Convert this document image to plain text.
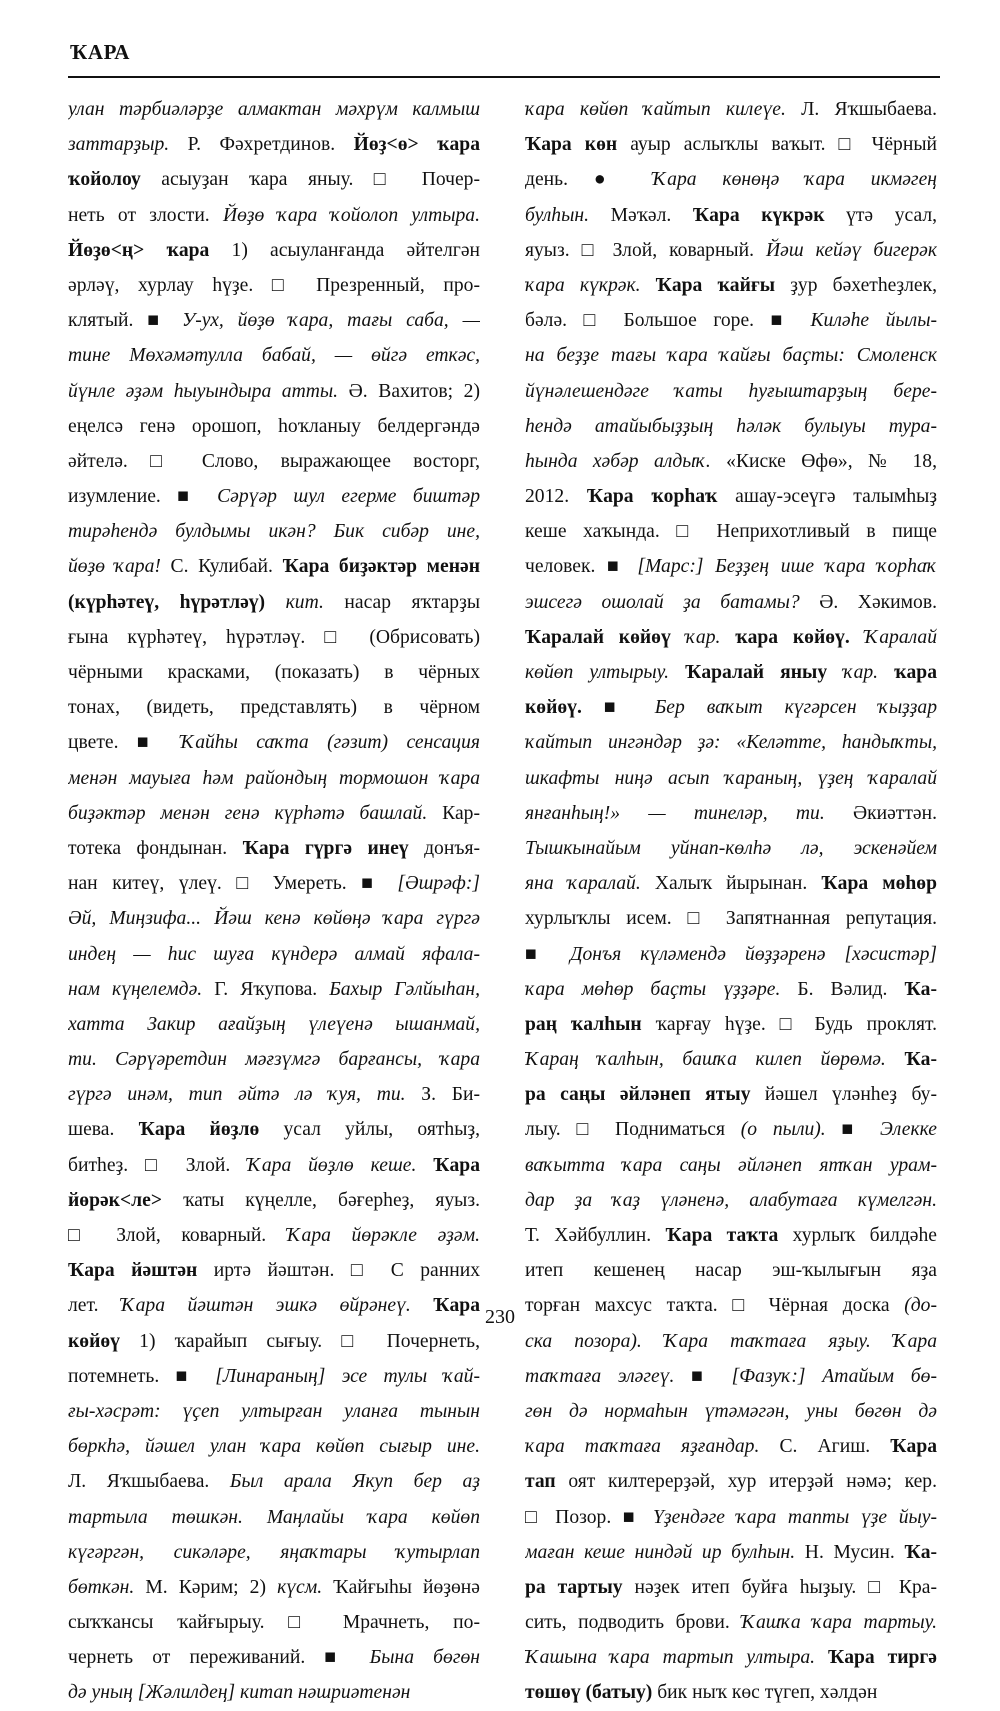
ҠАРА
улан тәрбиәләрҙе алмактан мәхрүм калмыш
заттарҙыр. Р. Фәхретдинов. Йөҙ<ө> ҡара
ҡойолоу асыуҙан ҡара яныу. □ Почер-
неть от злости. Йөҙө ҡара ҡойолоп ултыра.
Йөҙө<ң> ҡара 1) асыуланғанда әйтелгән
әрләү, хурлау һүҙе. □ Презренный, про-
клятый. ■ У-ух, йөҙө ҡара, тағы саба, —
тине Мөхәмәтулла бабай, — өйгә еткәс,
йүнле әҙәм һыуындыра атты. Ә. Вахитов; 2)
еңелсә генә орошоп, һоҡланыу белдергәндә
әйтелә. □ Слово, выражающее восторг,
изумление. ■ Сәрүәр шул егерме биштәр
тирәһендә булдымы икән? Бик сибәр ине,
йөҙө ҡара! С. Кулибай. Ҡара биҙәктәр менән
(күрһәтеү, һүрәтләү) кит. насар яҡтарҙы
ғына күрһәтеү, һүрәтләү. □ (Обрисовать)
чёрными красками, (показать) в чёрных
тонах, (видеть, представлять) в чёрном
цвете. ■ Ҡайһы саҡта (гәзит) сенсация
менән мауыға һәм райондың тормошон ҡара
биҙәктәр менән генә күрһәтә башлай. Кар-
тотека фондынан. Ҡара гүргә инеү донъя-
нан китеү, үлеү. □ Умереть. ■ [Әшрәф:]
Әй, Миңзифа... Йәш кенә көйөңә ҡара гүргә
индең — һис шуға күндерә алмай яфала-
нам күңелемдә. Г. Яҡупова. Бахыр Гәлйыһан,
хатта Закир ағайҙың үлеүенә ышанмай,
ти. Сәрүәретдин мәғзүмгә барғансы, ҡара
гүргә инәм, тип әйтә лә ҡуя, ти. З. Би-
шева. Ҡара йөҙлө усал уйлы, оятһыҙ,
битһеҙ. □ Злой. Ҡара йөҙлө кеше. Ҡара
йөрәк<ле> ҡаты күңелле, бәғерһеҙ, яуыз.
□ Злой, коварный. Ҡара йөрәкле әҙәм.
Ҡара йәштән иртә йәштән. □ С ранних
лет. Ҡара йәштән эшкә өйрәнеү. Ҡара
көйөү 1) ҡарайып сығыу. □ Почернеть,
потемнеть. ■ [Линараның] эсе тулы ҡай-
ғы-хәсрәт: үҫеп ултырған уланға тынын
бөркһә, йәшел улан ҡара көйөп сығыр ине.
Л. Яҡшыбаева. Был арала Якуп бер аҙ
тартыла төшкән. Маңлайы ҡара көйөп
күгәргән, сикәләре, яңаҡтары ҡутырлап
бөткән. М. Кәрим; 2) күсм. Ҡайғыһы йөҙөнә
сыҡҡансы ҡайғырыу. □ Мрачнеть, по-
чернеть от переживаний. ■ Бына бөгөн
дә уның [Жәлилдең] китап нәшриәтенән
ҡара көйөп ҡайтып килеүе. Л. Яҡшыбаева.
Ҡара көн ауыр аслыҡлы ваҡыт. □ Чёрный
день. ● Ҡара көнөңә ҡара икмәгең
булһын. Мәҡәл. Ҡара күкрәк үтә усал,
яуыз. □ Злой, коварный. Йәш кейәү бигерәк
ҡара күкрәк. Ҡара ҡайғы ҙур бәхетһеҙлек,
бәлә. □ Большое горе. ■ Киләһе йылы-
на беҙҙе тағы ҡара ҡайғы баҫты: Смоленск
йүнәлешендәге ҡаты һуғыштарҙың бере-
һендә атайыбыҙҙың һәләк булыуы тура-
һында хәбәр алдыҡ. «Киске Өфө», № 18,
2012. Ҡара ҡорһаҡ ашау-эсеүгә талымһыҙ
кеше хаҡында. □ Неприхотливый в пище
человек. ■ [Марс:] Беҙҙең ише ҡара ҡорһаҡ
эшсегә ошолай ҙа батамы? Ә. Хәкимов.
Ҡаралай көйөү ҡар. ҡара көйөү. Ҡаралай
көйөп ултырыу. Ҡаралай яныу ҡар. ҡара
көйөү. ■ Бер ваҡыт күгәрсен ҡыҙҙар
ҡайтып ингәндәр ҙә: «Келәтте, һандыҡты,
шкафты ниңә асып ҡараның, үҙең ҡаралай
янғанһың!» — тинеләр, ти. Әкиәттән.
Тышкынайым уйнап-көлһә лә, эскенәйем
яна ҡаралай. Халыҡ йырынан. Ҡара мөһөр
хурлыҡлы исем. □ Запятнанная репутация.
■ Донъя күләмендә йөҙҙәренә [хәсистәр]
ҡара мөһөр баҫты үҙҙәре. Б. Вәлид. Ҡа-
раң ҡалһын ҡарғау һүҙе. □ Будь проклят.
Ҡараң ҡалһын, башҡа килеп йөрөмә. Ҡа-
ра саңы әйләнеп ятыу йәшел үләнһеҙ бу-
лыу. □ Подниматься (о пыли). ■ Элекке
ваҡытта ҡара саңы әйләнеп ятҡан урам-
дар ҙа ҡаҙ үләненә, алабутаға күмелгән.
Т. Хәйбуллин. Ҡара таҡта хурлыҡ билдәһе
итеп кешенең насар эш-ҡылығын яҙа
торған махсус таҡта. □ Чёрная доска (до-
ска позора). Ҡара таҡтаға яҙыу. Ҡара
таҡтаға эләгеү. ■ [Фазуҡ:] Атайым бө-
гөн дә нормаһын үтәмәгән, уны бөгөн дә
ҡара таҡтаға яҙғандар. С. Агиш. Ҡара
тап оят килтерерҙәй, хур итерҙәй нәмә; кер.
□ Позор. ■ Үҙендәге ҡара тапты үҙе йыу-
маған кеше ниндәй ир булһын. Н. Мусин. Ҡа-
ра тартыу нәҙек итеп буйға һыҙыу. □ Кра-
сить, подводить брови. Ҡашҡа ҡара тартыу.
Ҡашына ҡара тартып ултыра. Ҡара тиргә
төшөү (батыу) бик ныҡ көс түгеп, хәлдән
230
